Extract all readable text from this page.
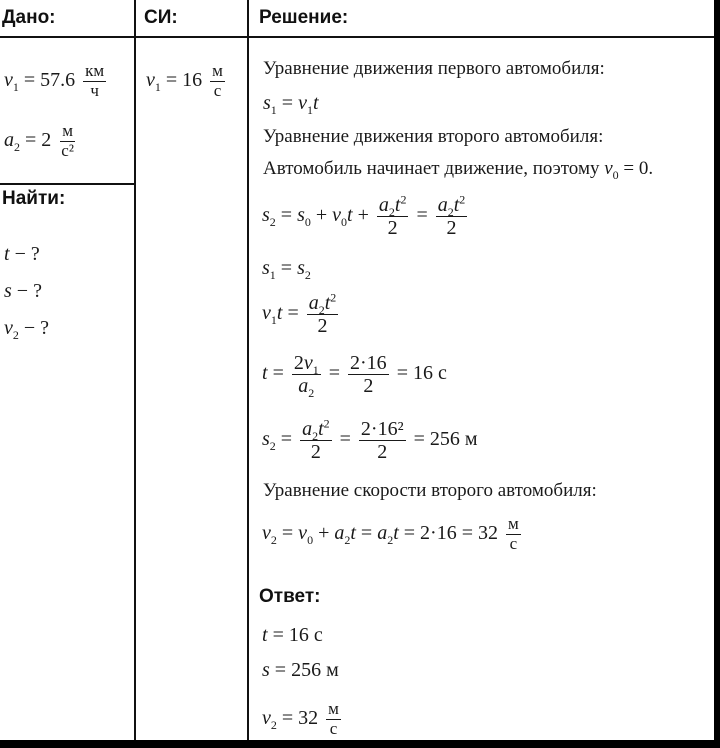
Дано:	СИ:	Решение:
Найти:
Ответ:
$v_1 = 57.6 \frac{км}{ч}$
$a_2 = 2 \frac{м}{\text{с²}}$
$v_1 = 16 \frac{м}{с}$
t − ?
s − ?
$v_2$ − ?
Уравнение движения первого автомобиля:
$s_1 = v_1t$
Уравнение движения второго автомобиля:
Автомобиль начинает движение, поэтому $v_0 = 0$.
$s_2 = s_0 + v_0t + \frac{a_2t^2}{2} = \frac{a_2t^2}{2}$
$s_1 = s_2$
$v_1t = \frac{a_2t^2}{2}$
$t = \frac{2v_1}{a_2} = \frac{2\cdot 16}{2} = 16$ с
$s_2 = \frac{a_2t^2}{2} = \frac{\text{2·16²}}{2} = 256$ м
Уравнение скорости второго автомобиля:
$v_2 = v_0 + a_2t = a_2t = 2\cdot 16 = 32 \frac{м}{с}$
t = 16 с
s = 256 м
$v_2 = 32 \frac{м}{с}$
